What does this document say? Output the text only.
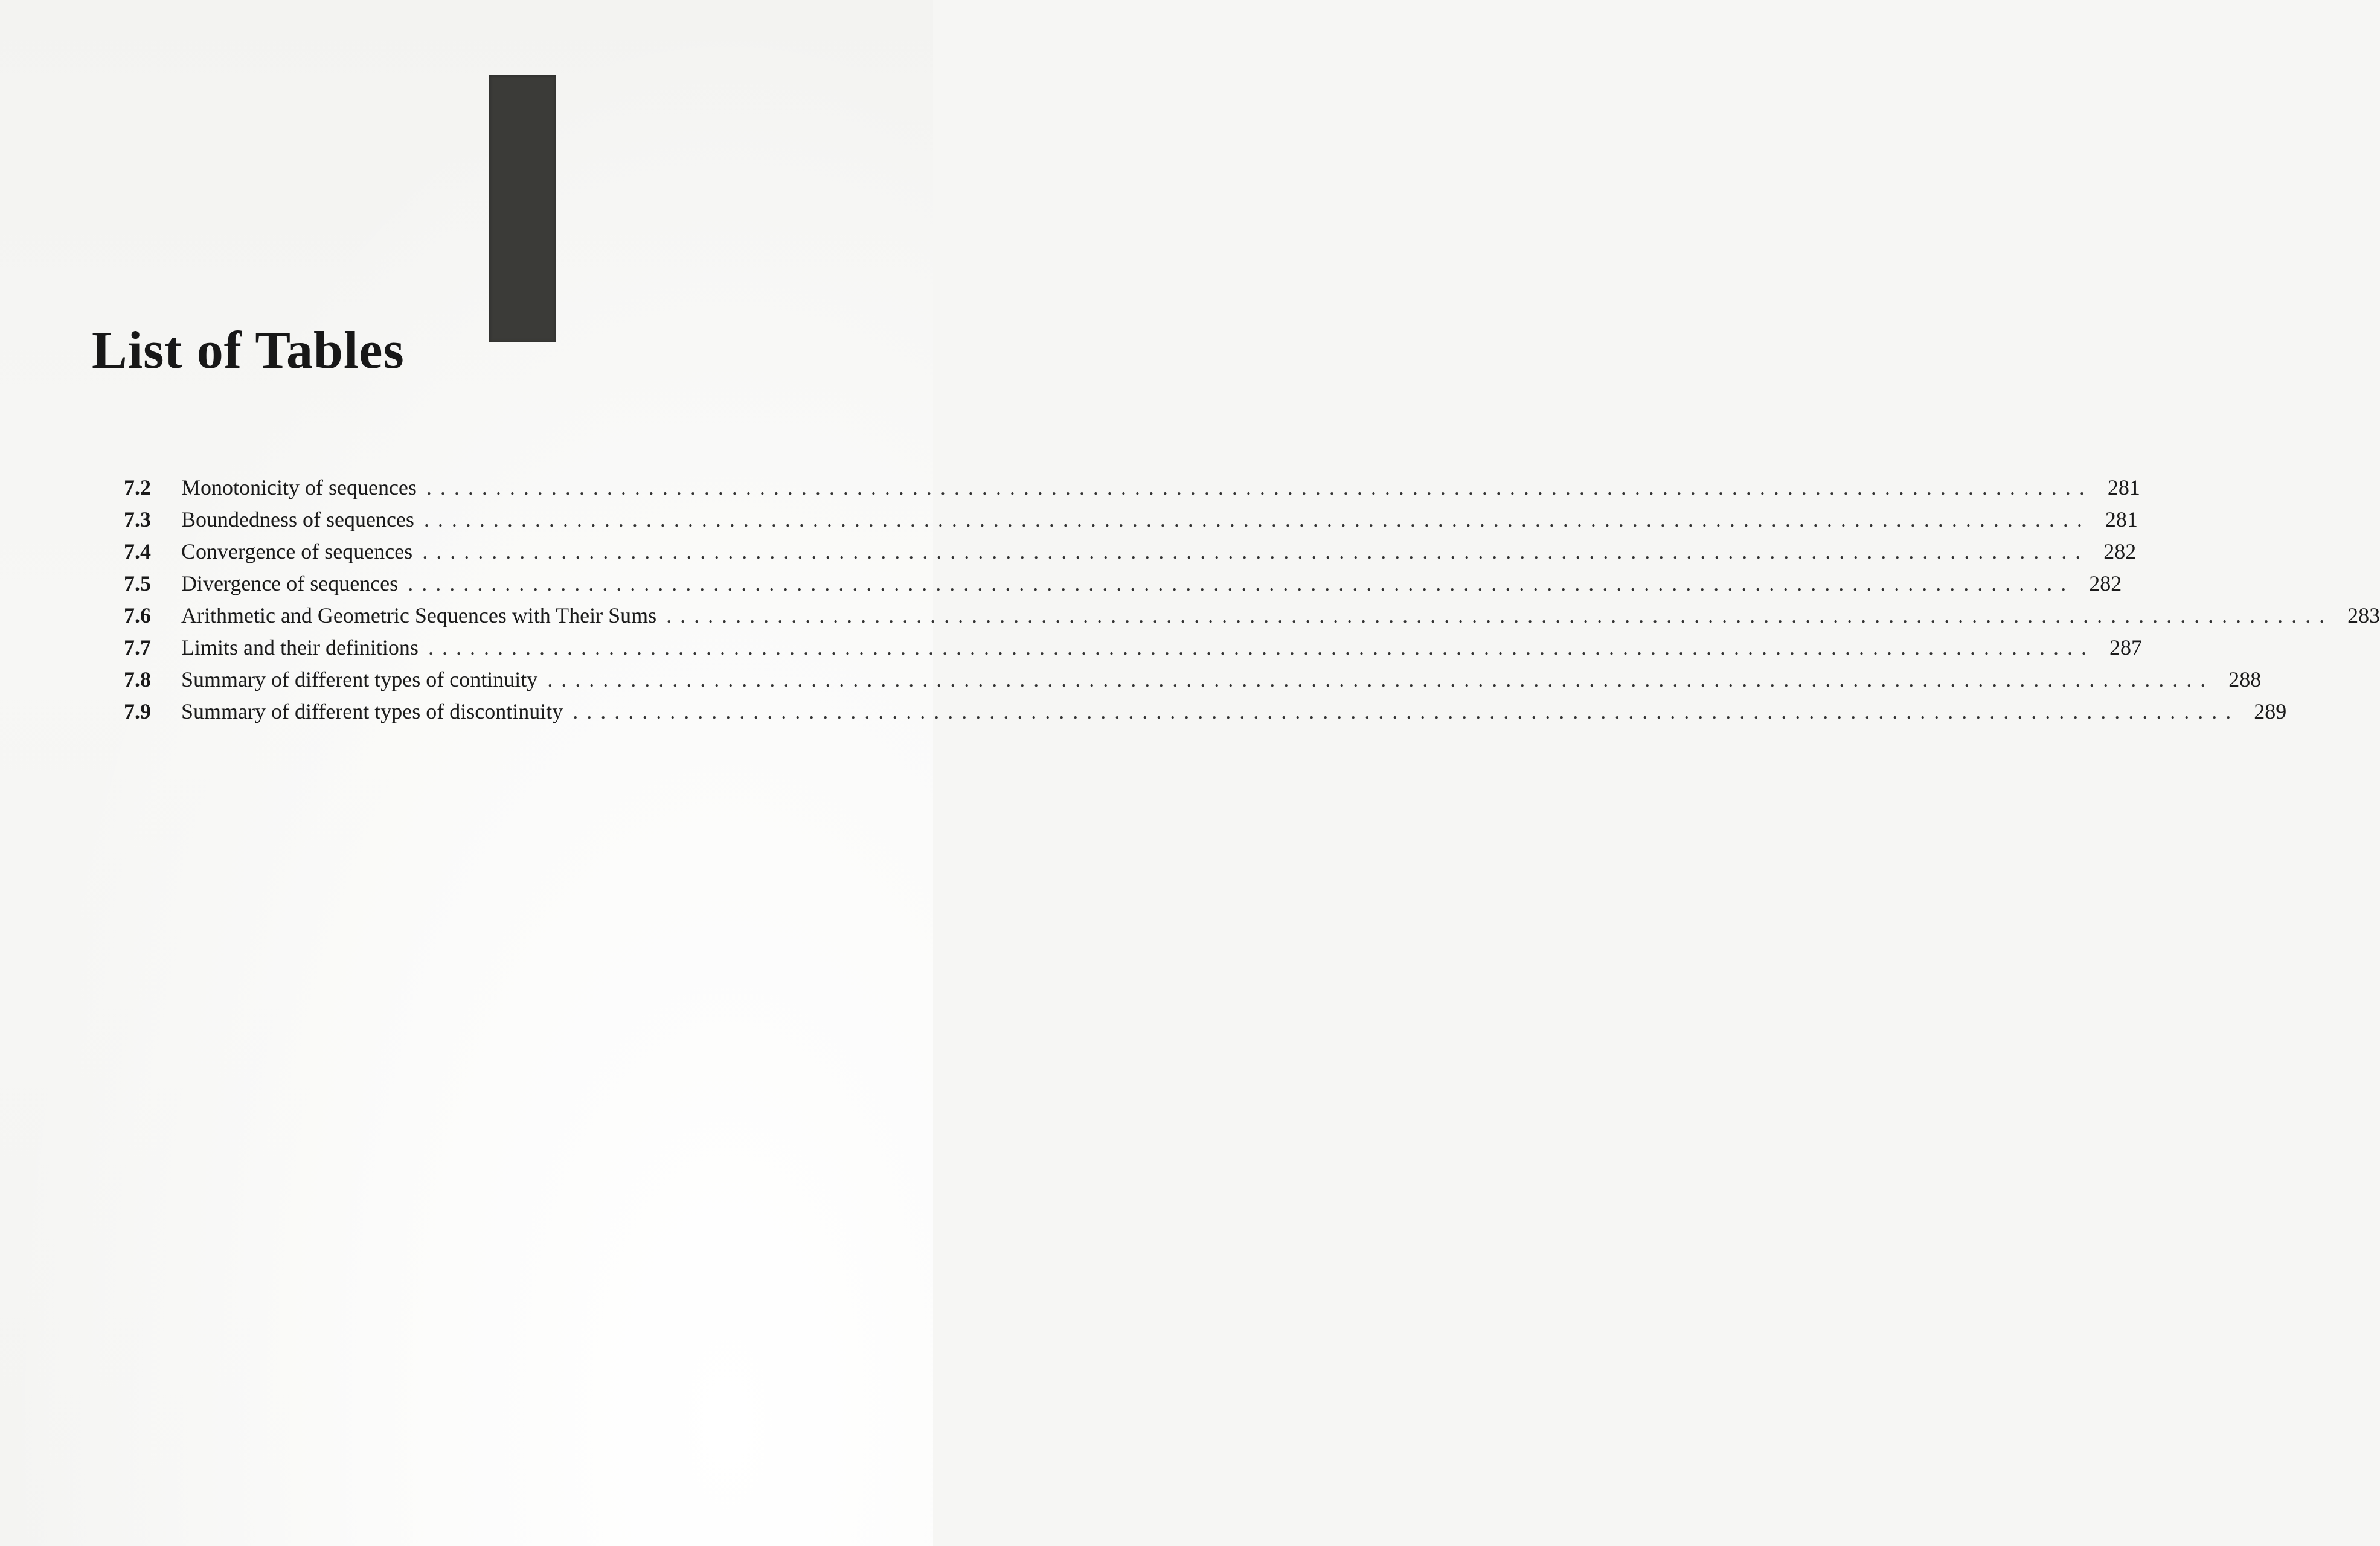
List of Tables
7.2	Monotonicity of sequences ........................................................................................................................ 281
7.3	Boundedness of sequences ........................................................................................................................ 281
7.4	Convergence of sequences ........................................................................................................................ 282
7.5	Divergence of sequences ........................................................................................................................ 282
7.6	Arithmetic and Geometric Sequences with Their Sums ........................................................................................................................ 283
7.7	Limits and their definitions ........................................................................................................................ 287
7.8	Summary of different types of continuity ........................................................................................................................ 288
7.9	Summary of different types of discontinuity ........................................................................................................................ 289
